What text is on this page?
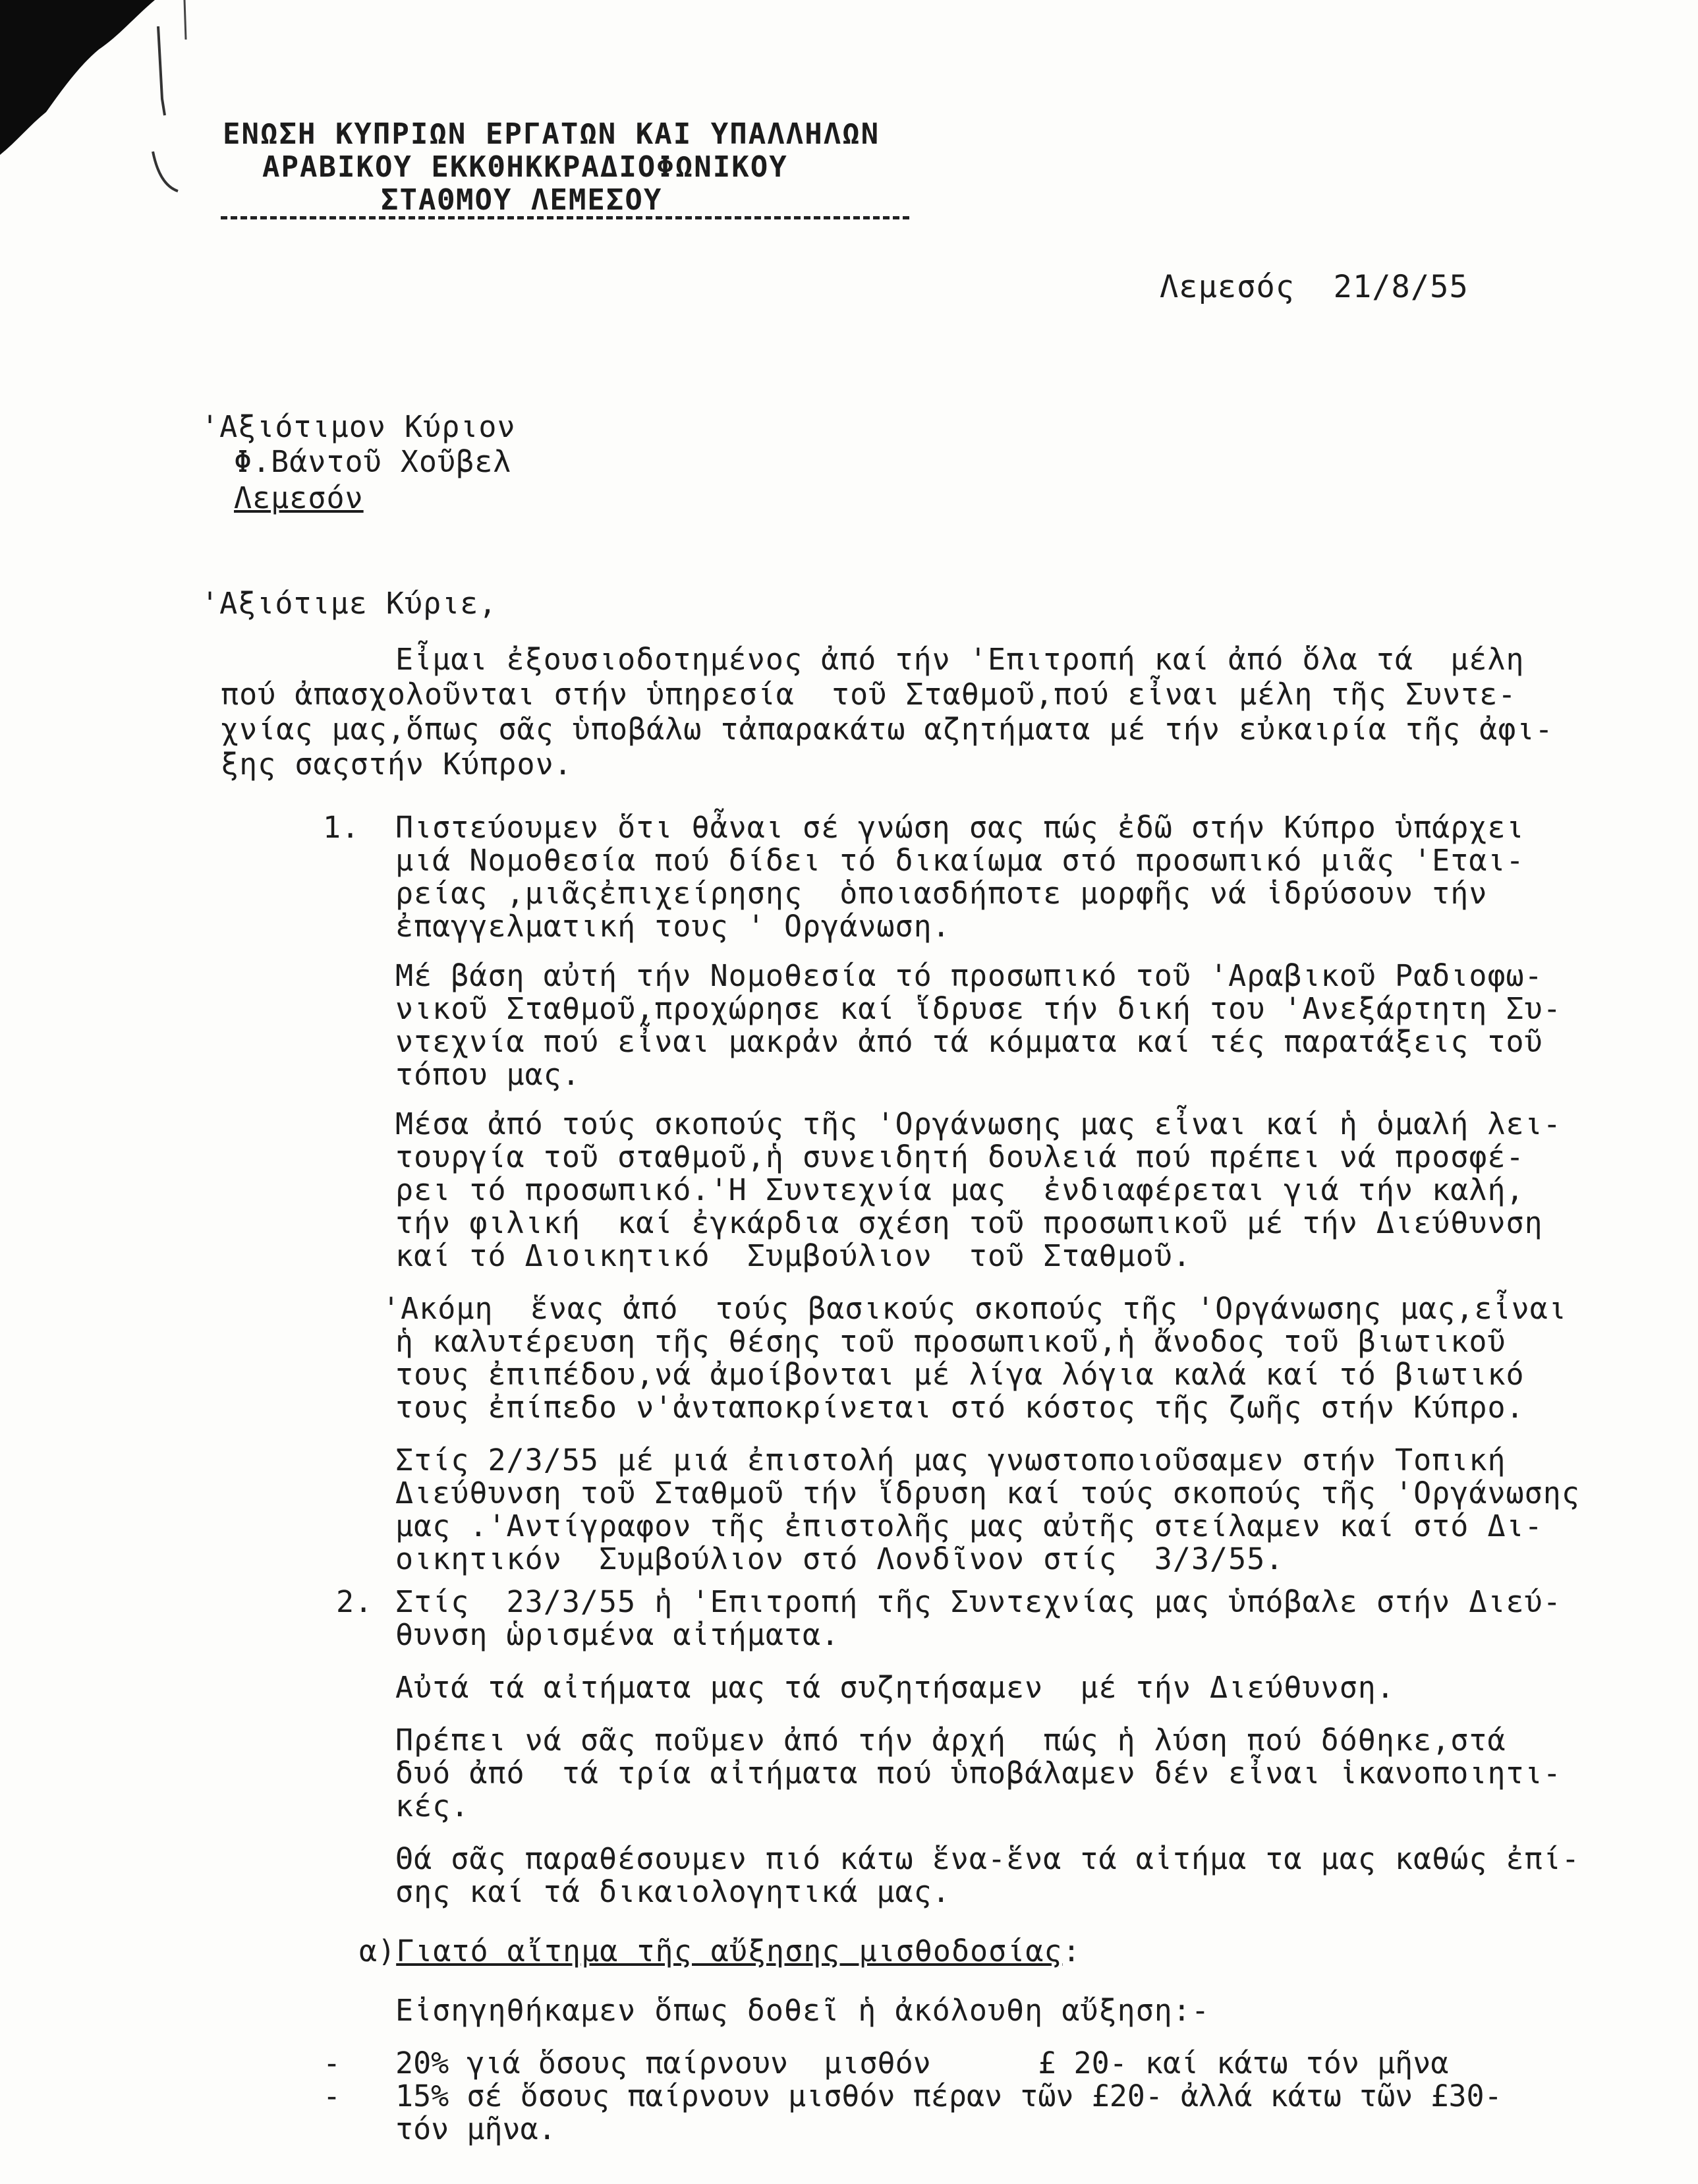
ΕΝΩΣΗ ΚΥΠΡΙΩΝ ΕΡΓΑΤΩΝ ΚΑΙ ΥΠΑΛΛΗΛΩΝ
ΑΡΑΒΙΚΟΥ ΕΚΚΘΗΚΚΡΑΔΙΟΦΩΝΙΚΟΥ
ΣΤΑΘΜΟΥ ΛΕΜΕΣΟΥ
Λεμεσός  21/8/55
'Αξιότιμον Κύριον
Φ.Βάντοῦ Χοῦβελ
Λεμεσόν
'Αξιότιμε Κύριε,
Εἶμαι ἐξουσιοδοτημένος ἀπό τήν 'Επιτροπή καί ἀπό ὅλα τά  μέλη
πού ἀπασχολοῦνται στήν ὑπηρεσία  τοῦ Σταθμοῦ,πού εἶναι μέλη τῆς Συντε-
χνίας μας,ὅπως σᾶς ὑποβάλω τἀπαρακάτω αζητήματα μέ τήν εὐκαιρία τῆς ἀφι-
ξης σαςστήν Κύπρον.
1. Πιστεύουμεν ὅτι θἆναι σέ γνώση σας πώς ἐδῶ στήν Κύπρο ὑπάρχει
μιά Νομοθεσία πού δίδει τό δικαίωμα στό προσωπικό μιᾶς 'Εται-
ρείας ,μιᾶςἐπιχείρησης  ὁποιασδήποτε μορφῆς νά ἱδρύσουν τήν
ἐπαγγελματική τους ' Οργάνωση.
Μέ βάση αὐτή τήν Νομοθεσία τό προσωπικό τοῦ 'Αραβικοῦ Ραδιοφω-
νικοῦ Σταθμοῦ,προχώρησε καί ἵδρυσε τήν δική του 'Ανεξάρτητη Συ-
ντεχνία πού εἶναι μακρἀν ἀπό τά κόμματα καί τές παρατάξεις τοῦ
τόπου μας.
Μέσα ἀπό τούς σκοπούς τῆς 'Οργάνωσης μας εἶναι καί ἡ ὁμαλή λει-
τουργία τοῦ σταθμοῦ,ἡ συνειδητή δουλειά πού πρέπει νά προσφέ-
ρει τό προσωπικό.'Η Συντεχνία μας  ἐνδιαφέρεται γιά τήν καλή,
τήν φιλική  καί ἐγκάρδια σχέση τοῦ προσωπικοῦ μέ τήν Διεύθυνση
καί τό Διοικητικό  Συμβούλιον  τοῦ Σταθμοῦ.
'Ακόμη  ἕνας ἀπό  τούς βασικούς σκοπούς τῆς 'Οργάνωσης μας,εἶναι
ἡ καλυτέρευση τῆς θέσης τοῦ προσωπικοῦ,ἡ ἄνοδος τοῦ βιωτικοῦ
τους ἐπιπέδου,νά ἀμοίβονται μέ λίγα λόγια καλά καί τό βιωτικό
τους ἐπίπεδο ν'ἀνταποκρίνεται στό κόστος τῆς ζωῆς στήν Κύπρο.
Στίς 2/3/55 μέ μιά ἐπιστολή μας γνωστοποιοῦσαμεν στήν Τοπική
Διεύθυνση τοῦ Σταθμοῦ τήν ἵδρυση καί τούς σκοπούς τῆς 'Οργάνωσης
μας .'Αντίγραφον τῆς ἐπιστολῆς μας αὐτῆς στείλαμεν καί στό Δι-
οικητικόν  Συμβούλιον στό Λονδῖνον στίς  3/3/55.
2. Στίς  23/3/55 ἡ 'Επιτροπή τῆς Συντεχνίας μας ὑπόβαλε στήν Διεύ-
θυνση ὡρισμένα αἰτήματα.
Αὐτά τά αἰτήματα μας τά συζητήσαμεν  μέ τήν Διεύθυνση.
Πρέπει νά σᾶς ποῦμεν ἀπό τήν ἀρχή  πώς ἡ λύση πού δόθηκε,στά
δυό ἀπό  τά τρία αἰτήματα πού ὑποβάλαμεν δέν εἶναι ἱκανοποιητι-
κές.
Θά σᾶς παραθέσουμεν πιό κάτω ἕνα-ἕνα τά αἰτήμα τα μας καθώς ἐπί-
σης καί τά δικαιολογητικά μας.
α)Γιατό αἴτημα τῆς αὔξησης μισθοδοσίας:
Εἰσηγηθήκαμεν ὅπως δοθεῖ ἡ ἀκόλουθη αὔξηση:-
- 20% γιά ὅσους παίρνουν  μισθόν      £ 20- καί κάτω τόν μῆνα
- 15% σέ ὅσους παίρνουν μισθόν πέραν τῶν £20- ἀλλά κάτω τῶν £30-
τόν μῆνα.
